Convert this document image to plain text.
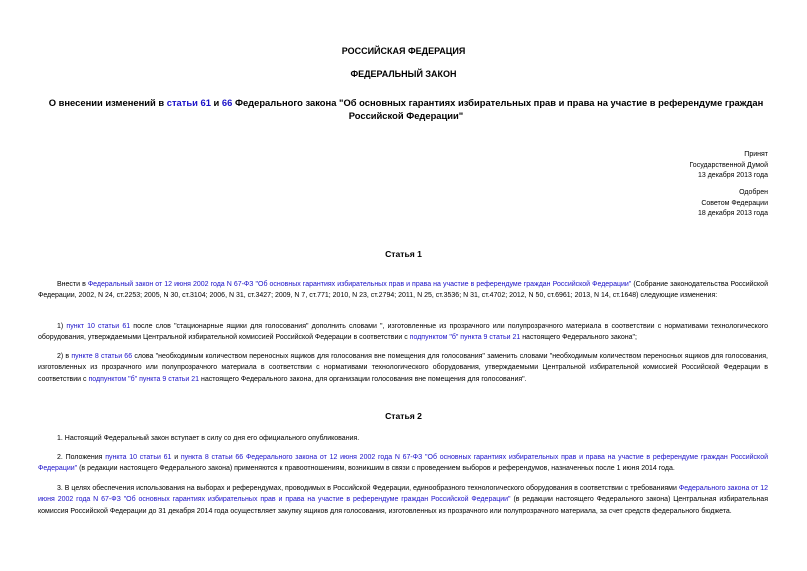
РОССИЙСКАЯ ФЕДЕРАЦИЯ
ФЕДЕРАЛЬНЫЙ ЗАКОН
О внесении изменений в статьи 61 и 66 Федерального закона "Об основных гарантиях избирательных прав и права на участие в референдуме граждан Российской Федерации"
Принят
Государственной Думой
13 декабря 2013 года
Одобрен
Советом Федерации
18 декабря 2013 года
Статья 1
Внести в Федеральный закон от 12 июня 2002 года N 67-ФЗ "Об основных гарантиях избирательных прав и права на участие в референдуме граждан Российской Федерации" (Собрание законодательства Российской Федерации, 2002, N 24, ст.2253; 2005, N 30, ст.3104; 2006, N 31, ст.3427; 2009, N 7, ст.771; 2010, N 23, ст.2794; 2011, N 25, ст.3536; N 31, ст.4702; 2012, N 50, ст.6961; 2013, N 14, ст.1648) следующие изменения:
1) пункт 10 статьи 61 после слов "стационарные ящики для голосования" дополнить словами ", изготовленные из прозрачного или полупрозрачного материала в соответствии с нормативами технологического оборудования, утверждаемыми Центральной избирательной комиссией Российской Федерации в соответствии с подпунктом "б" пункта 9 статьи 21 настоящего Федерального закона";
2) в пункте 8 статьи 66 слова "необходимым количеством переносных ящиков для голосования вне помещения для голосования" заменить словами "необходимым количеством переносных ящиков для голосования, изготовленных из прозрачного или полупрозрачного материала в соответствии с нормативами технологического оборудования, утверждаемыми Центральной избирательной комиссией Российской Федерации в соответствии с подпунктом "б" пункта 9 статьи 21 настоящего Федерального закона, для организации голосования вне помещения для голосования".
Статья 2
1. Настоящий Федеральный закон вступает в силу со дня его официального опубликования.
2. Положения пункта 10 статьи 61 и пункта 8 статьи 66 Федерального закона от 12 июня 2002 года N 67-ФЗ "Об основных гарантиях избирательных прав и права на участие в референдуме граждан Российской Федерации" (в редакции настоящего Федерального закона) применяются к правоотношениям, возникшим в связи с проведением выборов и референдумов, назначенных после 1 июня 2014 года.
3. В целях обеспечения использования на выборах и референдумах, проводимых в Российской Федерации, единообразного технологического оборудования в соответствии с требованиями Федерального закона от 12 июня 2002 года N 67-ФЗ "Об основных гарантиях избирательных прав и права на участие в референдуме граждан Российской Федерации" (в редакции настоящего Федерального закона) Центральная избирательная комиссия Российской Федерации до 31 декабря 2014 года осуществляет закупку ящиков для голосования, изготовленных из прозрачного или полупрозрачного материала, за счет средств федерального бюджета.
